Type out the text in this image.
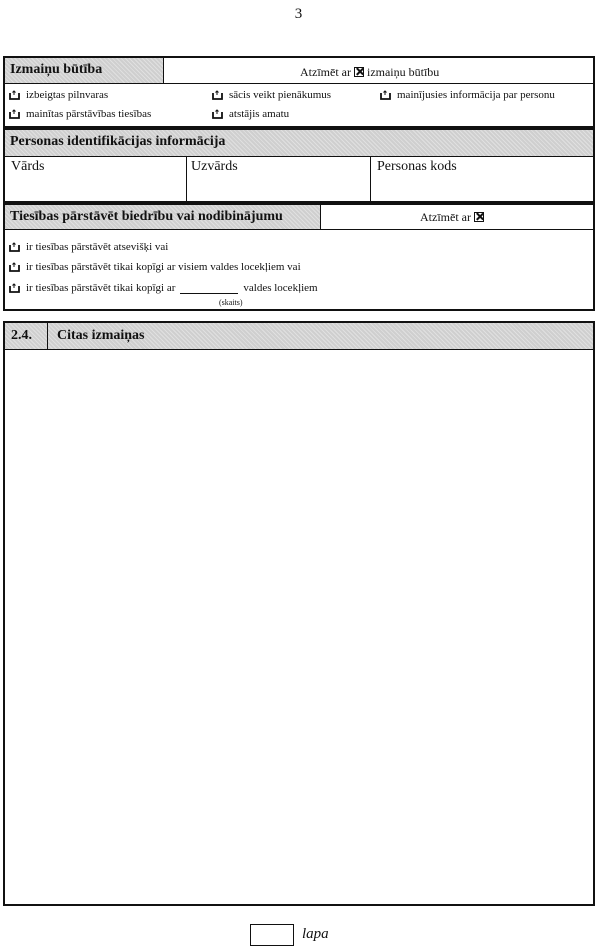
3
Izmaiņu būtība	Atzīmēt ar izmaiņu būtību
izbeigtas pilnvaras	sācis veikt pienākumus	mainījusies informācija par personu
mainītas pārstāvības tiesības	atstājis amatu
Personas identifikācijas informācija
Vārds	Uzvārds	Personas kods
Tiesības pārstāvēt biedrību vai nodibinājumu	Atzīmēt ar
ir tiesības pārstāvēt atsevišķi vai
ir tiesības pārstāvēt tikai kopīgi ar visiem valdes locekļiem vai
ir tiesības pārstāvēt tikai kopīgi ar	valdes locekļiem
(skaits)
2.4. Citas izmaiņas
lapa
